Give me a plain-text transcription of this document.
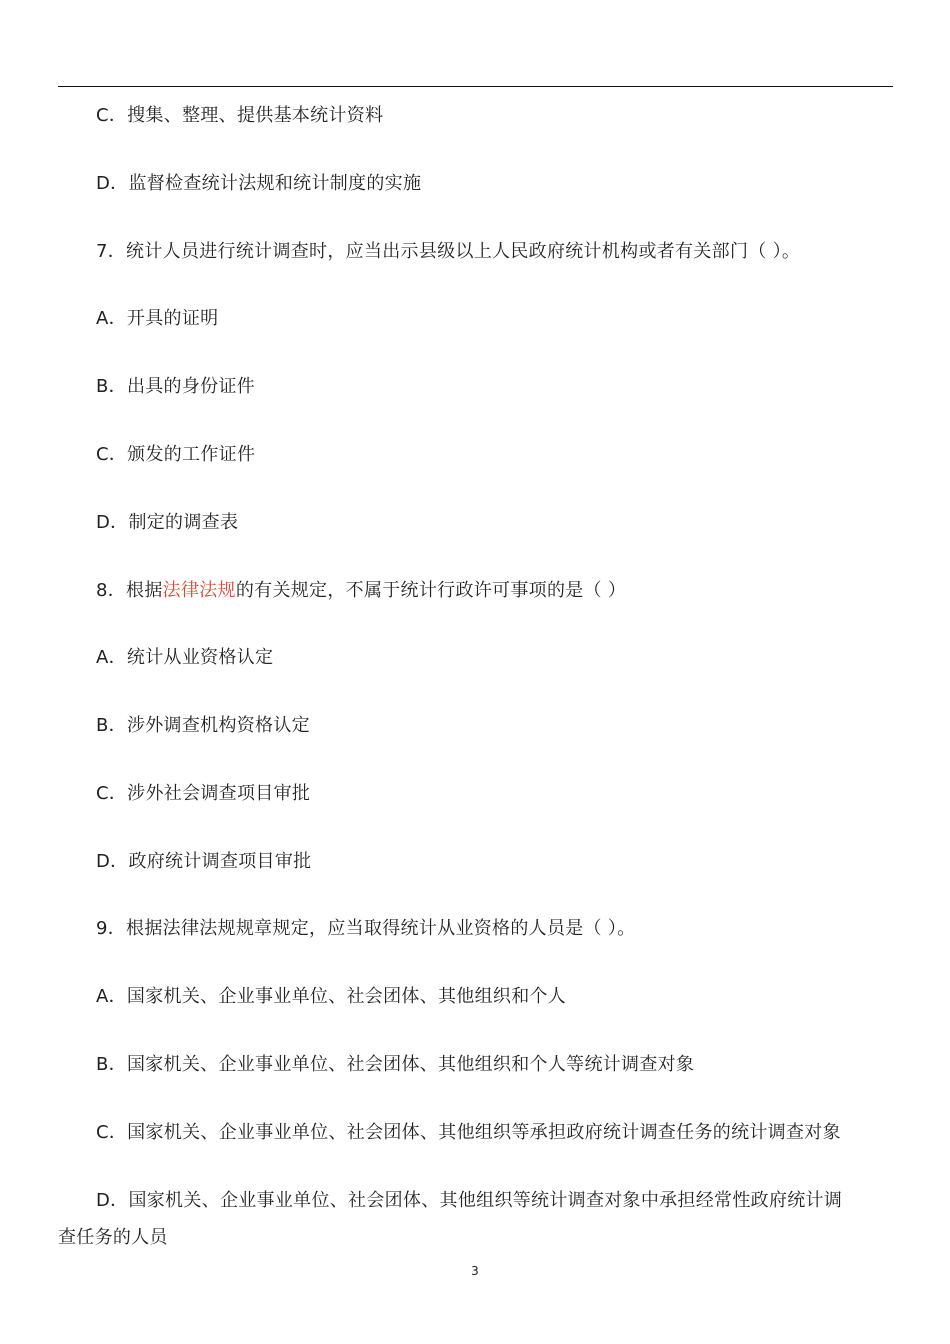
C．搜集、整理、提供基本统计资料
D．监督检查统计法规和统计制度的实施
7．统计人员进行统计调查时，应当出示县级以上人民政府统计机构或者有关部门（ ）。
A．开具的证明
B．出具的身份证件
C．颁发的工作证件
D．制定的调查表
8．根据法律法规的有关规定，不属于统计行政许可事项的是（ ）
A．统计从业资格认定
B．涉外调查机构资格认定
C．涉外社会调查项目审批
D．政府统计调查项目审批
9．根据法律法规规章规定，应当取得统计从业资格的人员是（ ）。
A．国家机关、企业事业单位、社会团体、其他组织和个人
B．国家机关、企业事业单位、社会团体、其他组织和个人等统计调查对象
C．国家机关、企业事业单位、社会团体、其他组织等承担政府统计调查任务的统计调查对象
D．国家机关、企业事业单位、社会团体、其他组织等统计调查对象中承担经常性政府统计调
查任务的人员
3
